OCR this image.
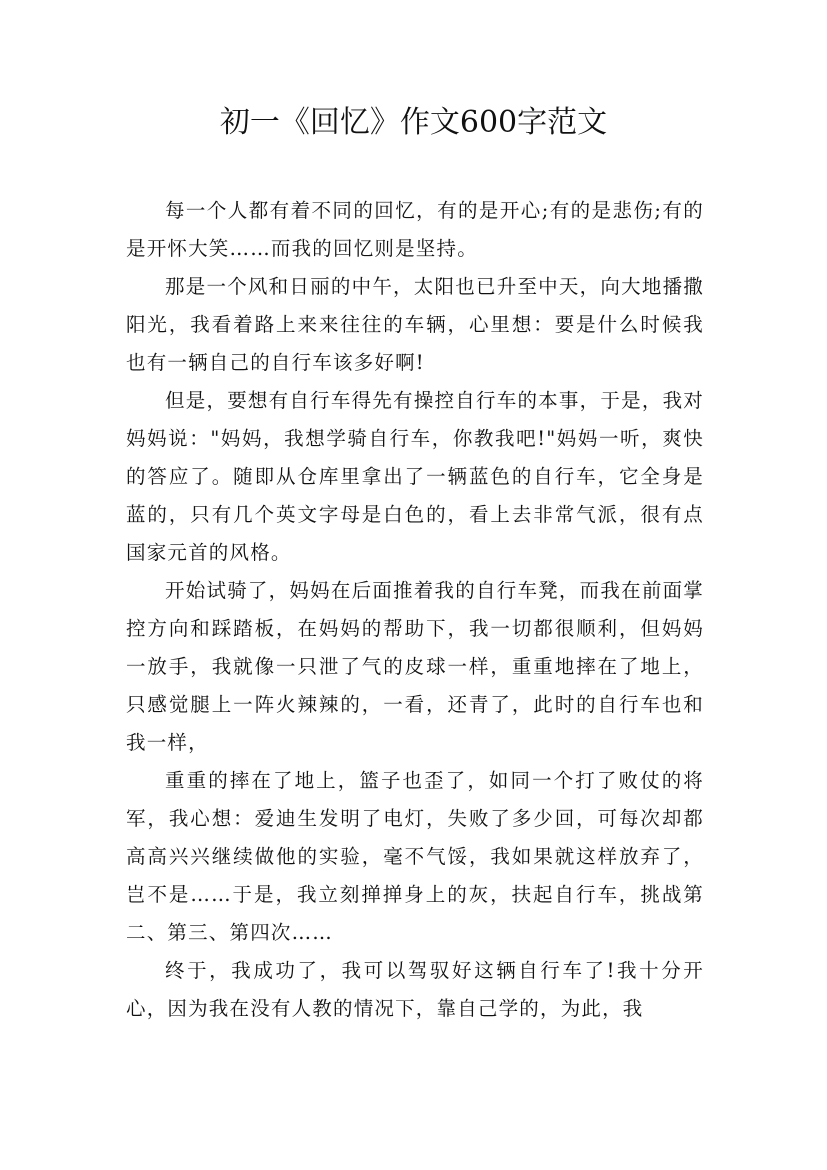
初一《回忆》作文600字范文

每一个人都有着不同的回忆，有的是开心;有的是悲伤;有的是开怀大笑……而我的回忆则是坚持。

那是一个风和日丽的中午，太阳也已升至中天，向大地播撒阳光，我看着路上来来往往的车辆，心里想：要是什么时候我也有一辆自己的自行车该多好啊!

但是，要想有自行车得先有操控自行车的本事，于是，我对妈妈说："妈妈，我想学骑自行车，你教我吧!"妈妈一听，爽快的答应了。随即从仓库里拿出了一辆蓝色的自行车，它全身是蓝的，只有几个英文字母是白色的，看上去非常气派，很有点国家元首的风格。

开始试骑了，妈妈在后面推着我的自行车凳，而我在前面掌控方向和踩踏板，在妈妈的帮助下，我一切都很顺利，但妈妈一放手，我就像一只泄了气的皮球一样，重重地摔在了地上，只感觉腿上一阵火辣辣的，一看，还青了，此时的自行车也和我一样，

重重的摔在了地上，篮子也歪了，如同一个打了败仗的将军，我心想：爱迪生发明了电灯，失败了多少回，可每次却都高高兴兴继续做他的实验，毫不气馁，我如果就这样放弃了，岂不是……于是，我立刻掸掸身上的灰，扶起自行车，挑战第二、第三、第四次……

终于，我成功了，我可以驾驭好这辆自行车了!我十分开心，因为我在没有人教的情况下，靠自己学的，为此，我
